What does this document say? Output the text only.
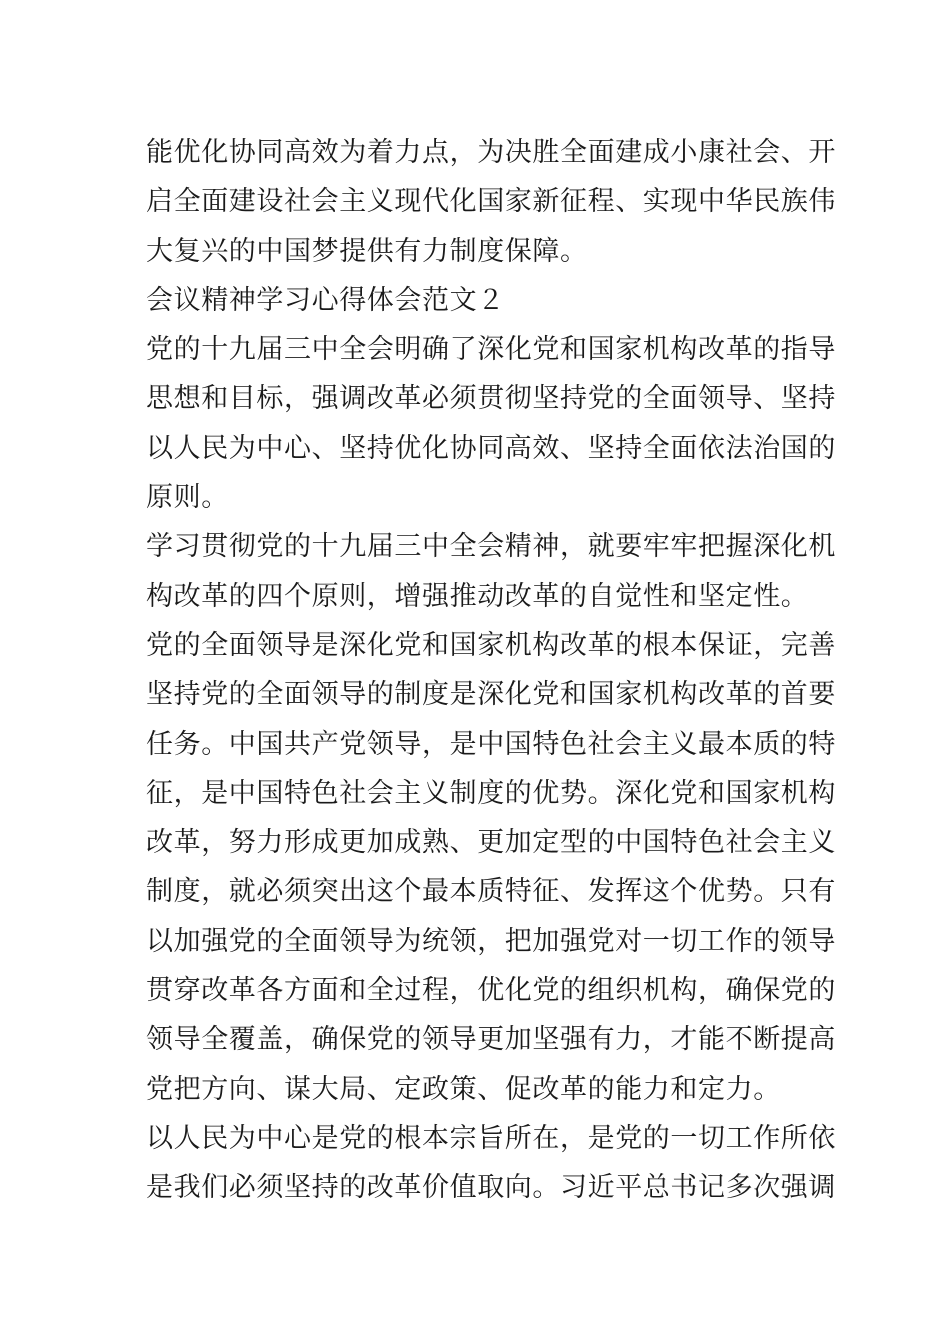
能优化协同高效为着力点，为决胜全面建成小康社会、开
启全面建设社会主义现代化国家新征程、实现中华民族伟
大复兴的中国梦提供有力制度保障。

会议精神学习心得体会范文２

党的十九届三中全会明确了深化党和国家机构改革的指导
思想和目标，强调改革必须贯彻坚持党的全面领导、坚持
以人民为中心、坚持优化协同高效、坚持全面依法治国的
原则。

学习贯彻党的十九届三中全会精神，就要牢牢把握深化机
构改革的四个原则，增强推动改革的自觉性和坚定性。

党的全面领导是深化党和国家机构改革的根本保证，完善
坚持党的全面领导的制度是深化党和国家机构改革的首要
任务。中国共产党领导，是中国特色社会主义最本质的特
征，是中国特色社会主义制度的优势。深化党和国家机构
改革，努力形成更加成熟、更加定型的中国特色社会主义
制度，就必须突出这个最本质特征、发挥这个优势。只有
以加强党的全面领导为统领，把加强党对一切工作的领导
贯穿改革各方面和全过程，优化党的组织机构，确保党的
领导全覆盖，确保党的领导更加坚强有力，才能不断提高
党把方向、谋大局、定政策、促改革的能力和定力。

以人民为中心是党的根本宗旨所在，是党的一切工作所依
是我们必须坚持的改革价值取向。习近平总书记多次强调
